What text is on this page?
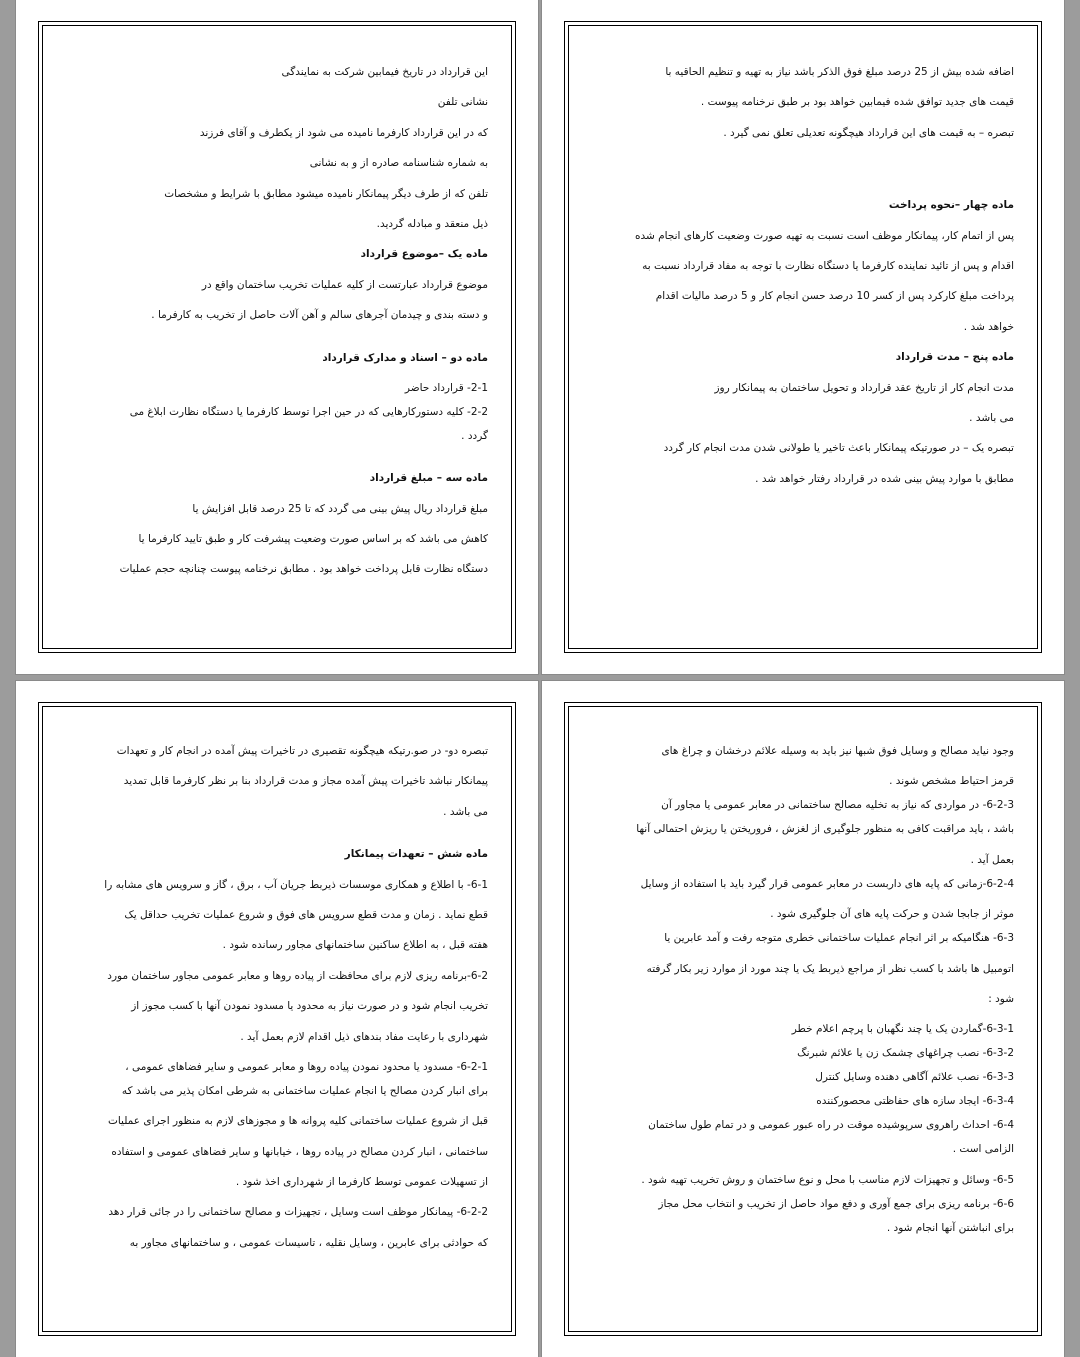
این قرارداد در تاریخ فیمابین شرکت به نمایندگی
نشانی تلفن
که در این قرارداد کارفرما نامیده می شود از یکطرف و آقای فرزند
به شماره شناسنامه صادره از و به نشانی
تلفن که از طرف دیگر پیمانکار نامیده میشود مطابق با شرایط و مشخصات
ذیل منعقد و مبادله گردید.
ماده یک –موضوع قرارداد
موضوع قرارداد عبارتست از کلیه عملیات تخریب ساختمان واقع در
و دسته بندی و چیدمان آجرهای سالم و آهن آلات حاصل از تخریب به کارفرما .
ماده دو – اسناد و مدارک قرارداد
2-1- قرارداد حاضر
2-2- کلیه دستورکارهایی که در حین اجرا توسط کارفرما یا دستگاه نظارت ابلاغ می
گردد .
ماده سه – مبلغ قرارداد
مبلغ قرارداد ریال پیش بینی می گردد که تا 25 درصد قابل افزایش یا
کاهش می باشد که بر اساس صورت وضعیت پیشرفت کار و طبق تایید کارفرما یا
دستگاه نظارت قابل پرداخت خواهد بود . مطابق نرخنامه پیوست چنانچه حجم عملیات
اضافه شده بیش از 25 درصد مبلغ فوق الذکر باشد نیاز به تهیه و تنظیم الحاقیه با
قیمت های جدید توافق شده فیمابین خواهد بود بر طبق نرخنامه پیوست .
تبصره – به قیمت های این قرارداد هیچگونه تعدیلی تعلق نمی گیرد .
ماده چهار –نحوه پرداخت
پس از اتمام کار، پیمانکار موظف است نسبت به تهیه صورت وضعیت کارهای انجام شده
اقدام و پس از تائید نماینده کارفرما یا دستگاه نظارت با توجه به مفاد قرارداد نسبت به
پرداخت مبلغ کارکرد پس از کسر 10 درصد حسن انجام کار و 5 درصد مالیات اقدام
خواهد شد .
ماده پنج – مدت قرارداد
مدت انجام کار از تاریخ عقد قرارداد و تحویل ساختمان به پیمانکار روز
می باشد .
تبصره یک – در صورتیکه پیمانکار باعث تاخیر یا طولانی شدن مدت انجام کار گردد
مطابق با موارد پیش بینی شده در قرارداد رفتار خواهد شد .
تبصره دو- در صو.رتیکه هیچگونه تقصیری در تاخیرات پیش آمده در انجام کار و تعهدات
پیمانکار نباشد تاخیرات پیش آمده مجاز و مدت قرارداد بنا بر نظر کارفرما قابل تمدید
می باشد .
ماده شش – تعهدات پیمانکار
6-1- با اطلاع و همکاری موسسات ذیربط جریان آب ، برق ، گاز و سرویس های مشابه را
قطع نماید . زمان و مدت قطع سرویس های فوق و شروع عملیات تخریب حداقل یک
هفته قبل ، به اطلاع ساکنین ساختمانهای مجاور رسانده شود .
6-2-برنامه ریزی لازم برای محافظت از پیاده روها و معابر عمومی مجاور ساختمان مورد
تخریب انجام شود و در صورت نیاز به محدود یا مسدود نمودن آنها با کسب مجوز از
شهرداری با رعایت مفاد بندهای ذیل اقدام لازم بعمل آید .
6-2-1- مسدود یا محدود نمودن پیاده روها و معابر عمومی و سایر فضاهای عمومی ،
برای انبار کردن مصالح یا انجام عملیات ساختمانی به شرطی امکان پذیر می باشد که
قبل از شروع عملیات ساختمانی کلیه پروانه ها و مجوزهای لازم به منظور اجرای عملیات
ساختمانی ، انبار کردن مصالح در پیاده روها ، خیابانها و سایر فضاهای عمومی و استفاده
از تسهیلات عمومی توسط کارفرما از شهرداری اخذ شود .
6-2-2- پیمانکار موظف است وسایل ، تجهیزات و مصالح ساختمانی را در جائی قرار دهد
که حوادثی برای عابرین ، وسایل نقلیه ، تاسیسات عمومی ، و ساختمانهای مجاور به
وجود نیاید مصالح و وسایل فوق شبها نیز باید به وسیله علائم درخشان و چراغ های
قرمز احتیاط مشخص شوند .
6-2-3- در مواردی که نیاز به تخلیه مصالح ساختمانی در معابر عمومی یا مجاور آن
باشد ، باید مراقبت کافی به منظور جلوگیری از لغزش ، فروریختن یا ریزش احتمالی آنها
بعمل آید .
6-2-4-زمانی که پایه های داربست در معابر عمومی قرار گیرد باید با استفاده از وسایل
موثر از جابجا شدن و حرکت پایه های آن جلوگیری شود .
6-3- هنگامیکه بر اثر انجام عملیات ساختمانی خطری متوجه رفت و آمد عابرین یا
اتومبیل ها باشد با کسب نظر از مراجع ذیربط یک یا چند مورد از موارد زیر بکار گرفته
شود :
6-3-1-گماردن یک یا چند نگهبان با پرچم اعلام خطر
6-3-2- نصب چراغهای چشمک زن یا علائم شبرنگ
6-3-3- نصب علائم آگاهی دهنده وسایل کنترل
6-3-4- ایجاد سازه های حفاظتی محصورکننده
6-4- احداث راهروی سرپوشیده موقت در راه عبور عمومی و در تمام طول ساختمان
الزامی است .
6-5- وسائل و تجهیزات لازم مناسب با محل و نوع ساختمان و روش تخریب تهیه شود .
6-6- برنامه ریزی برای جمع آوری و دفع مواد حاصل از تخریب و انتخاب محل مجاز
برای انباشتن آنها انجام شود .
